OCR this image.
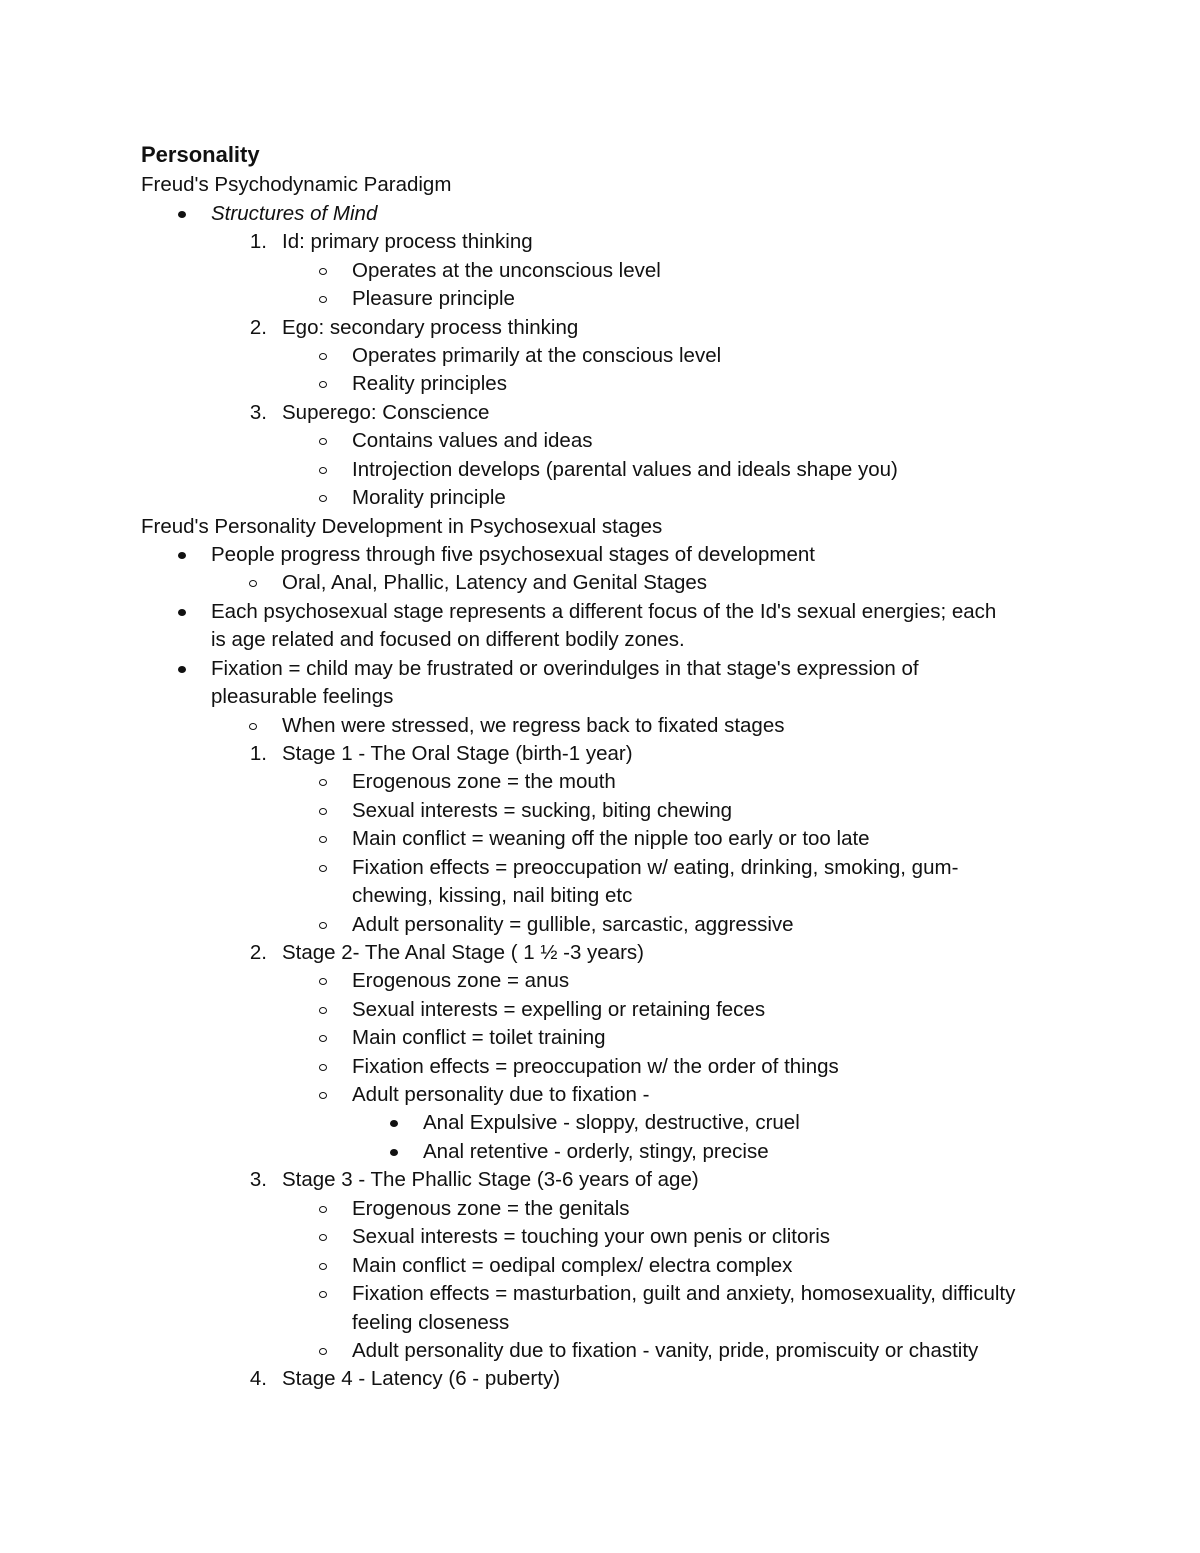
Personality
Freud's Psychodynamic Paradigm
Structures of Mind
1. Id: primary process thinking
Operates at the unconscious level
Pleasure principle
2. Ego: secondary process thinking
Operates primarily at the conscious level
Reality principles
3. Superego: Conscience
Contains values and ideas
Introjection develops (parental values and ideals shape you)
Morality principle
Freud's Personality Development in Psychosexual stages
People progress through five psychosexual stages of development
Oral, Anal, Phallic, Latency and Genital Stages
Each psychosexual stage represents a different focus of the Id's sexual energies; each
is age related and focused on different bodily zones.
Fixation = child may be frustrated or overindulges in that stage's expression of
pleasurable feelings
When were stressed, we regress back to fixated stages
1. Stage 1 - The Oral Stage (birth-1 year)
Erogenous zone = the mouth
Sexual interests = sucking, biting chewing
Main conflict = weaning off the nipple too early or too late
Fixation effects = preoccupation w/ eating, drinking, smoking, gum-
chewing, kissing, nail biting etc
Adult personality = gullible, sarcastic, aggressive
2. Stage 2- The Anal Stage ( 1 ½ -3 years)
Erogenous zone = anus
Sexual interests = expelling or retaining feces
Main conflict = toilet training
Fixation effects = preoccupation w/ the order of things
Adult personality due to fixation -
Anal Expulsive - sloppy, destructive, cruel
Anal retentive - orderly, stingy, precise
3. Stage 3 - The Phallic Stage (3-6 years of age)
Erogenous zone = the genitals
Sexual interests = touching your own penis or clitoris
Main conflict = oedipal complex/ electra complex
Fixation effects = masturbation, guilt and anxiety, homosexuality, difficulty
feeling closeness
Adult personality due to fixation - vanity, pride, promiscuity or chastity
4. Stage 4 - Latency (6 - puberty)
